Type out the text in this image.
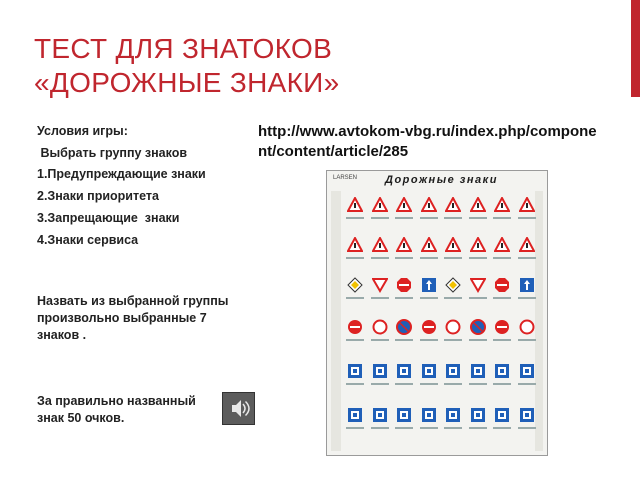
ТЕСТ ДЛЯ ЗНАТОКОВ
«ДОРОЖНЫЕ ЗНАКИ»
Условия игры:
Выбрать группу знаков
1.Предупреждающие знаки
2.Знаки приоритета
3.Запрещающие  знаки
4.Знаки сервиса
Назвать из выбранной группы произвольно выбранные 7 знаков .
За правильно названный знак 50 очков.
http://www.avtokom-vbg.ru/index.php/component/content/article/285
LARSEN	Дорожные знаки
